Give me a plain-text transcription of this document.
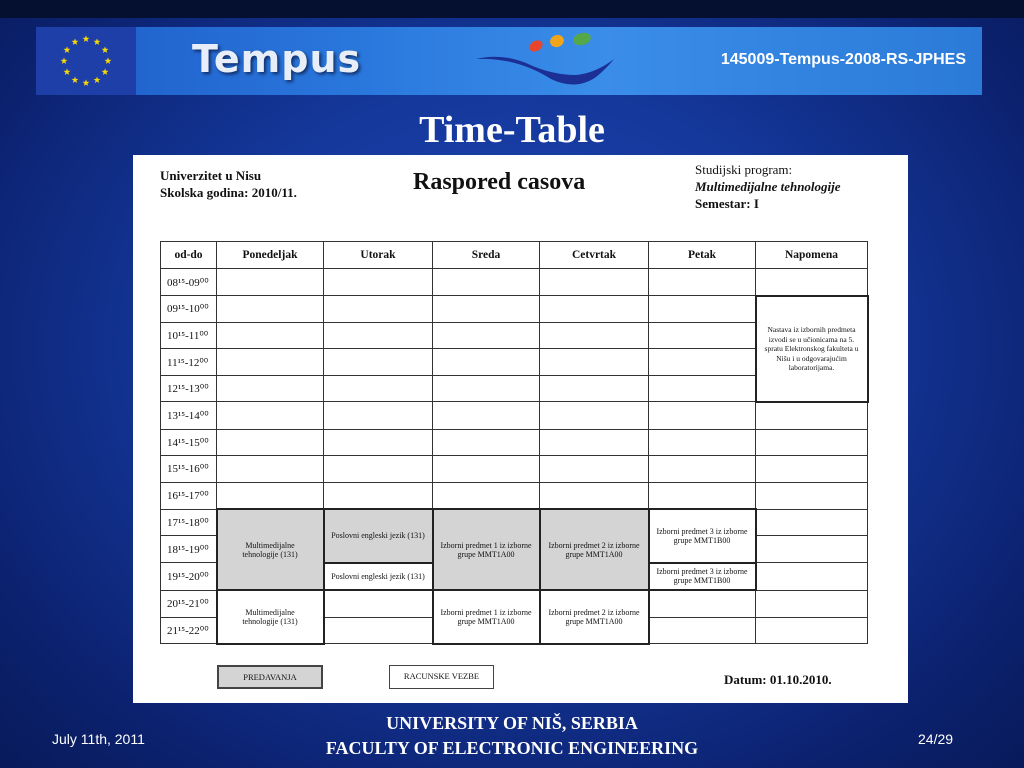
Tempus	145009-Tempus-2008-RS-JPHES
Time-Table
Univerzitet u Nisu
Skolska godina: 2010/11.	Raspored casova	Studijski program:
Multimedijalne tehnologije
Semestar: I
od-do	Ponedeljak	Utorak	Sreda	Cetvrtak	Petak	Napomena
08¹⁵-09⁰⁰						
09¹⁵-10⁰⁰						Nastava iz izbornih predmeta izvodi se u učionicama na 5. spratu Elektronskog fakulteta u Nišu i u odgovarajućim laboratorijama.
10¹⁵-11⁰⁰						
11¹⁵-12⁰⁰						
12¹⁵-13⁰⁰						
13¹⁵-14⁰⁰						
14¹⁵-15⁰⁰						
15¹⁵-16⁰⁰						
16¹⁵-17⁰⁰						
17¹⁵-18⁰⁰	Multimedijalne tehnologije (131)	Poslovni engleski jezik (131)	Izborni predmet 1 iz izborne grupe MMT1A00	Izborni predmet 2 iz izborne grupe MMT1A00	Izborni predmet 3 iz izborne grupe MMT1B00	
18¹⁵-19⁰⁰						
19¹⁵-20⁰⁰		Poslovni engleski jezik (131)			Izborni predmet 3 iz izborne grupe MMT1B00	
20¹⁵-21⁰⁰	Multimedijalne tehnologije (131)		Izborni predmet 1 iz izborne grupe MMT1A00	Izborni predmet 2 iz izborne grupe MMT1A00		
21¹⁵-22⁰⁰						
PREDAVANJA	RACUNSKE VEZBE	Datum: 01.10.2010.
July 11th, 2011
UNIVERSITY OF NIŠ, SERBIA
FACULTY OF ELECTRONIC ENGINEERING	24/29
